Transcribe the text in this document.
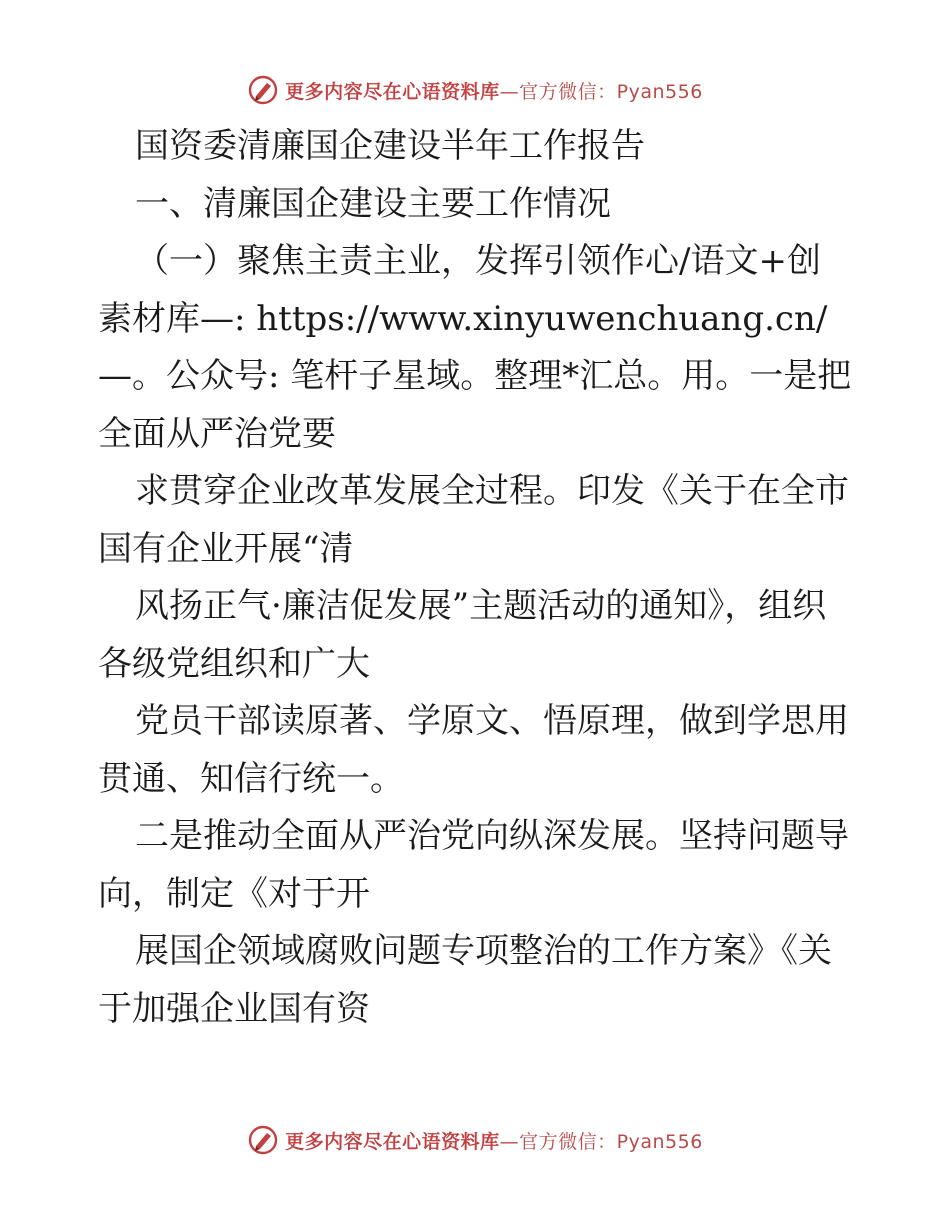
更多内容尽在心语资料库 —官方微信：Pyan556

国资委清廉国企建设半年工作报告

一、清廉国企建设主要工作情况

（一）聚焦主责主业，发挥引领作心/语文+创素材库—: https://www.xinyuwenchuang.cn/—。公众号: 笔杆子星域。整理*汇总。用。一是把全面从严治党要

求贯穿企业改革发展全过程。印发《关于在全市国有企业开展“清

风扬正气·廉洁促发展”主题活动的通知》，组织各级党组织和广大

党员干部读原著、学原文、悟原理，做到学思用贯通、知信行统一。

二是推动全面从严治党向纵深发展。坚持问题导向，制定《对于开

展国企领域腐败问题专项整治的工作方案》《关于加强企业国有资

更多内容尽在心语资料库 —官方微信：Pyan556
